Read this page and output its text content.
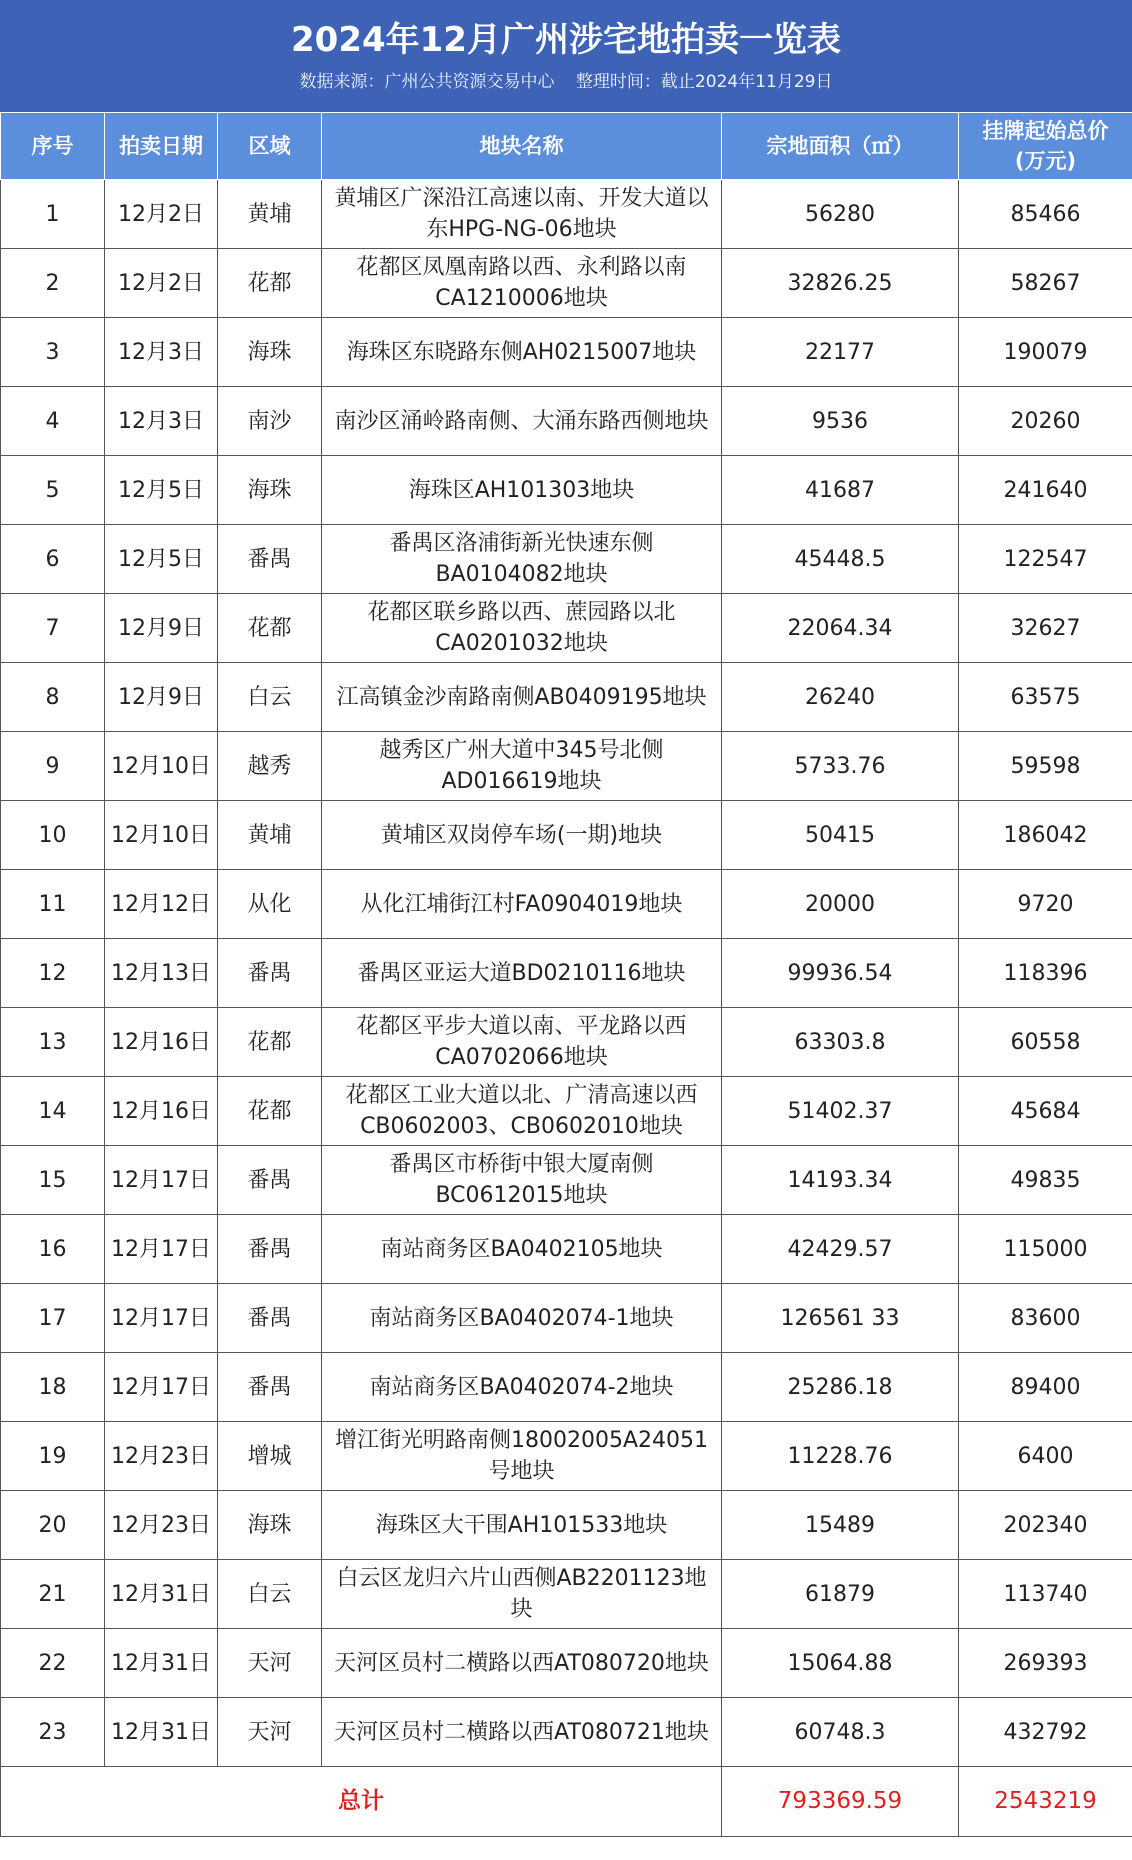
2024年12月广州涉宅地拍卖一览表
数据来源：广州公共资源交易中心 整理时间：截止2024年11月29日
序号	拍卖日期	区域	地块名称	宗地面积（㎡）	挂牌起始总价
(万元)

1	12月2日	黄埔	黄埔区广深沿江高速以南、开发大道以东HPG-NG-06地块	56280	85466
2	12月2日	花都	花都区凤凰南路以西、永利路以南CA1210006地块	32826.25	58267
3	12月3日	海珠	海珠区东晓路东侧AH0215007地块	22177	190079
4	12月3日	南沙	南沙区涌岭路南侧、大涌东路西侧地块	9536	20260
5	12月5日	海珠	海珠区AH101303地块	41687	241640
6	12月5日	番禺	番禺区洛浦街新光快速东侧BA0104082地块	45448.5	122547
7	12月9日	花都	花都区联乡路以西、蔗园路以北CA0201032地块	22064.34	32627
8	12月9日	白云	江高镇金沙南路南侧AB0409195地块	26240	63575
9	12月10日	越秀	越秀区广州大道中345号北侧AD016619地块	5733.76	59598
10	12月10日	黄埔	黄埔区双岗停车场(一期)地块	50415	186042
11	12月12日	从化	从化江埔街江村FA0904019地块	20000	9720
12	12月13日	番禺	番禺区亚运大道BD0210116地块	99936.54	118396
13	12月16日	花都	花都区平步大道以南、平龙路以西CA0702066地块	63303.8	60558
14	12月16日	花都	花都区工业大道以北、广清高速以西CB0602003、CB0602010地块	51402.37	45684
15	12月17日	番禺	番禺区市桥街中银大厦南侧BC0612015地块	14193.34	49835
16	12月17日	番禺	南站商务区BA0402105地块	42429.57	115000
17	12月17日	番禺	南站商务区BA0402074-1地块	126561 33	83600
18	12月17日	番禺	南站商务区BA0402074-2地块	25286.18	89400
19	12月23日	增城	增江街光明路南侧18002005A24051号地块	11228.76	6400
20	12月23日	海珠	海珠区大干围AH101533地块	15489	202340
21	12月31日	白云	白云区龙归六片山西侧AB2201123地块	61879	113740
22	12月31日	天河	天河区员村二横路以西AT080720地块	15064.88	269393
23	12月31日	天河	天河区员村二横路以西AT080721地块	60748.3	432792
总计				793369.59	2543219
